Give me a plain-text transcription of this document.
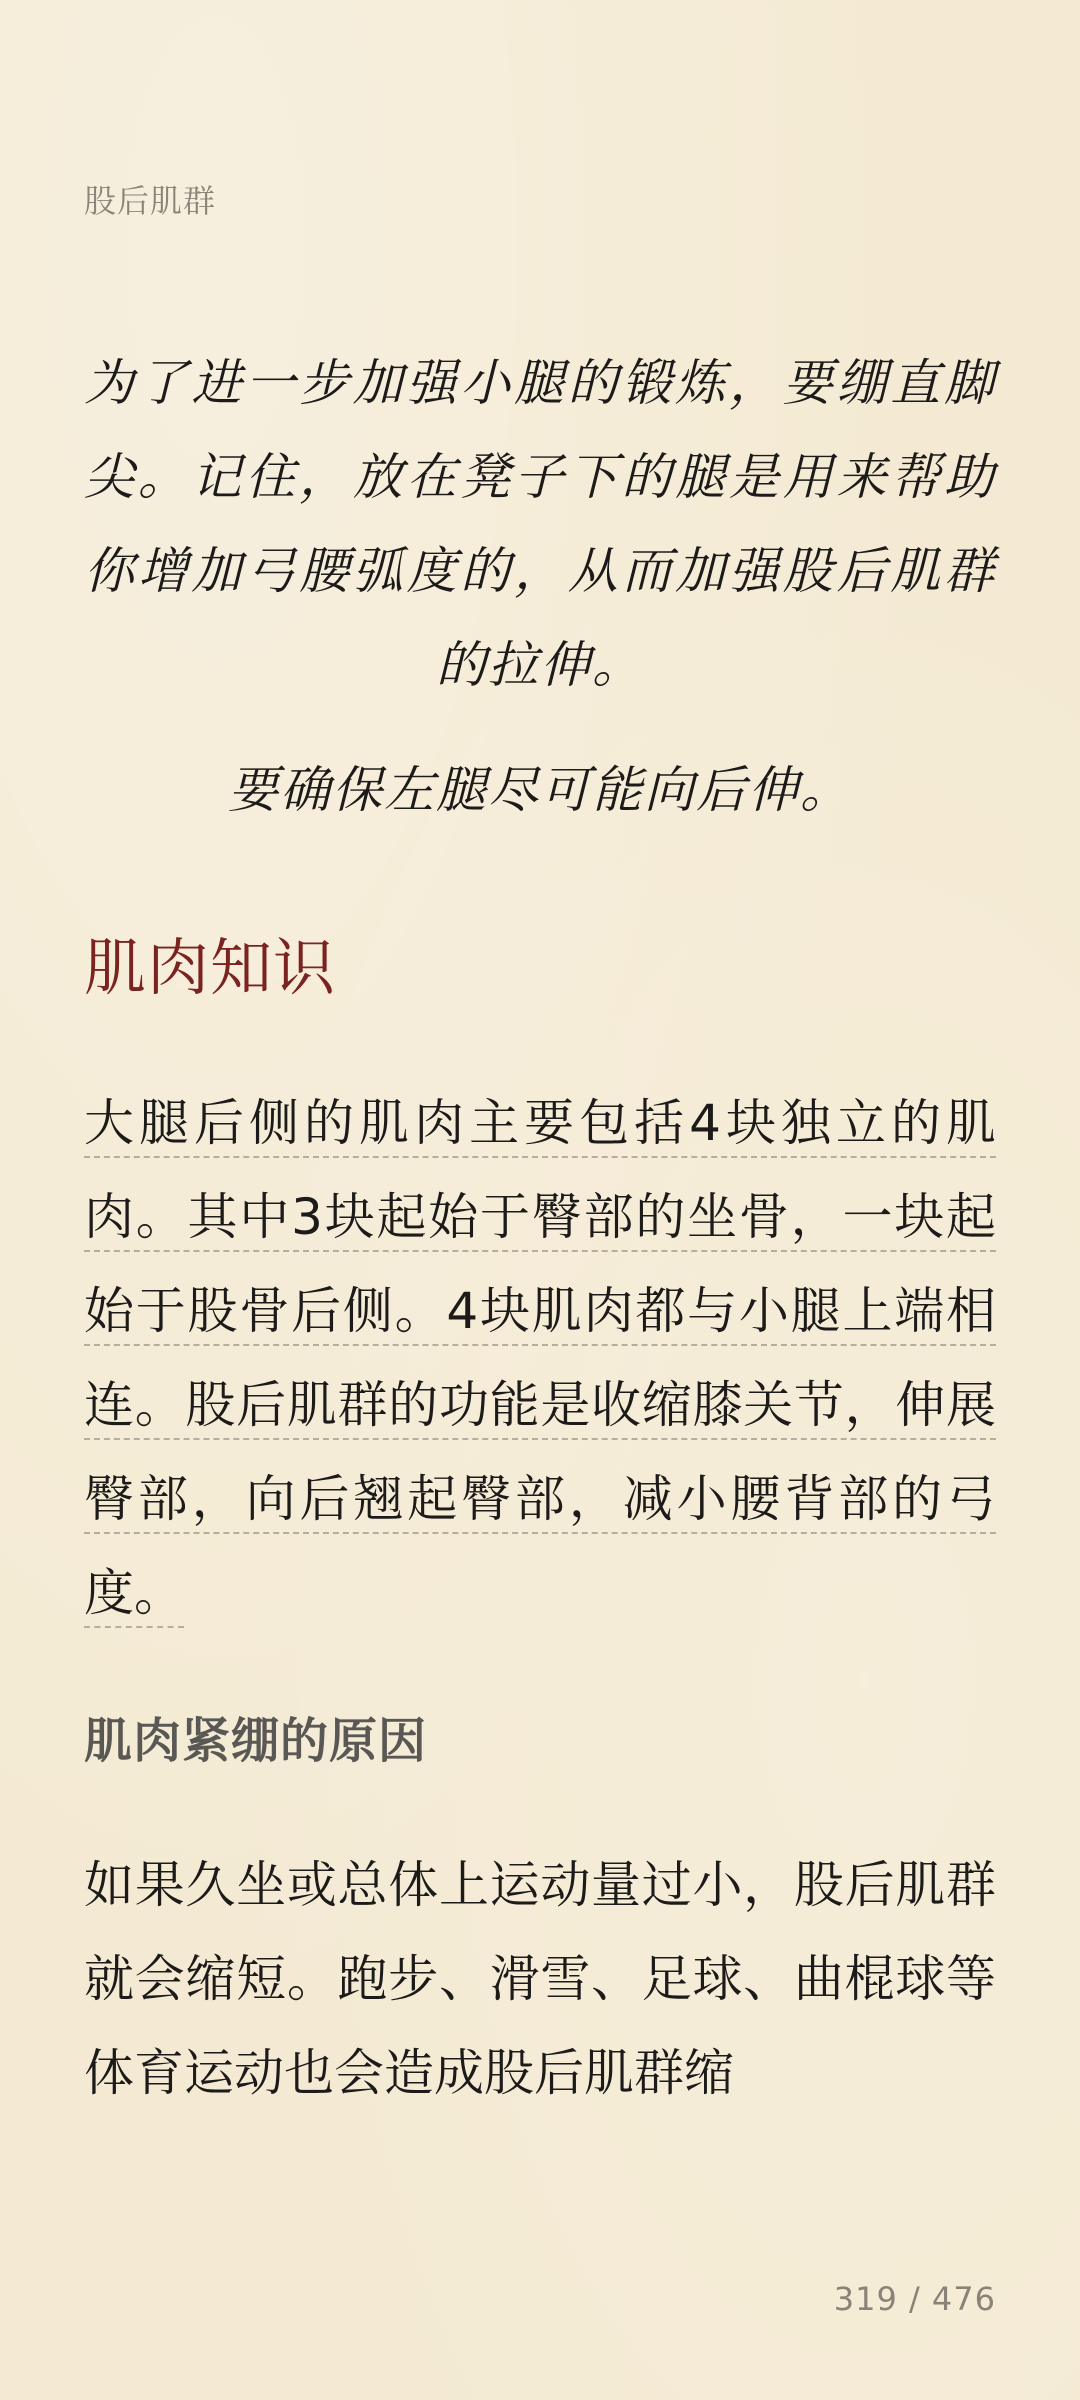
股后肌群

为了进一步加强小腿的锻炼，要绷直脚尖。记住，放在凳子下的腿是用来帮助你增加弓腰弧度的，从而加强股后肌群的拉伸。

要确保左腿尽可能向后伸。
肌肉知识

大腿后侧的肌肉主要包括4块独立的肌肉。其中3块起始于臀部的坐骨，一块起始于股骨后侧。4块肌肉都与小腿上端相连。股后肌群的功能是收缩膝关节，伸展臀部，向后翘起臀部，减小腰背部的弓度。

肌肉紧绷的原因

如果久坐或总体上运动量过小，股后肌群就会缩短。跑步、滑雪、足球、曲棍球等体育运动也会造成股后肌群缩

319 / 476
